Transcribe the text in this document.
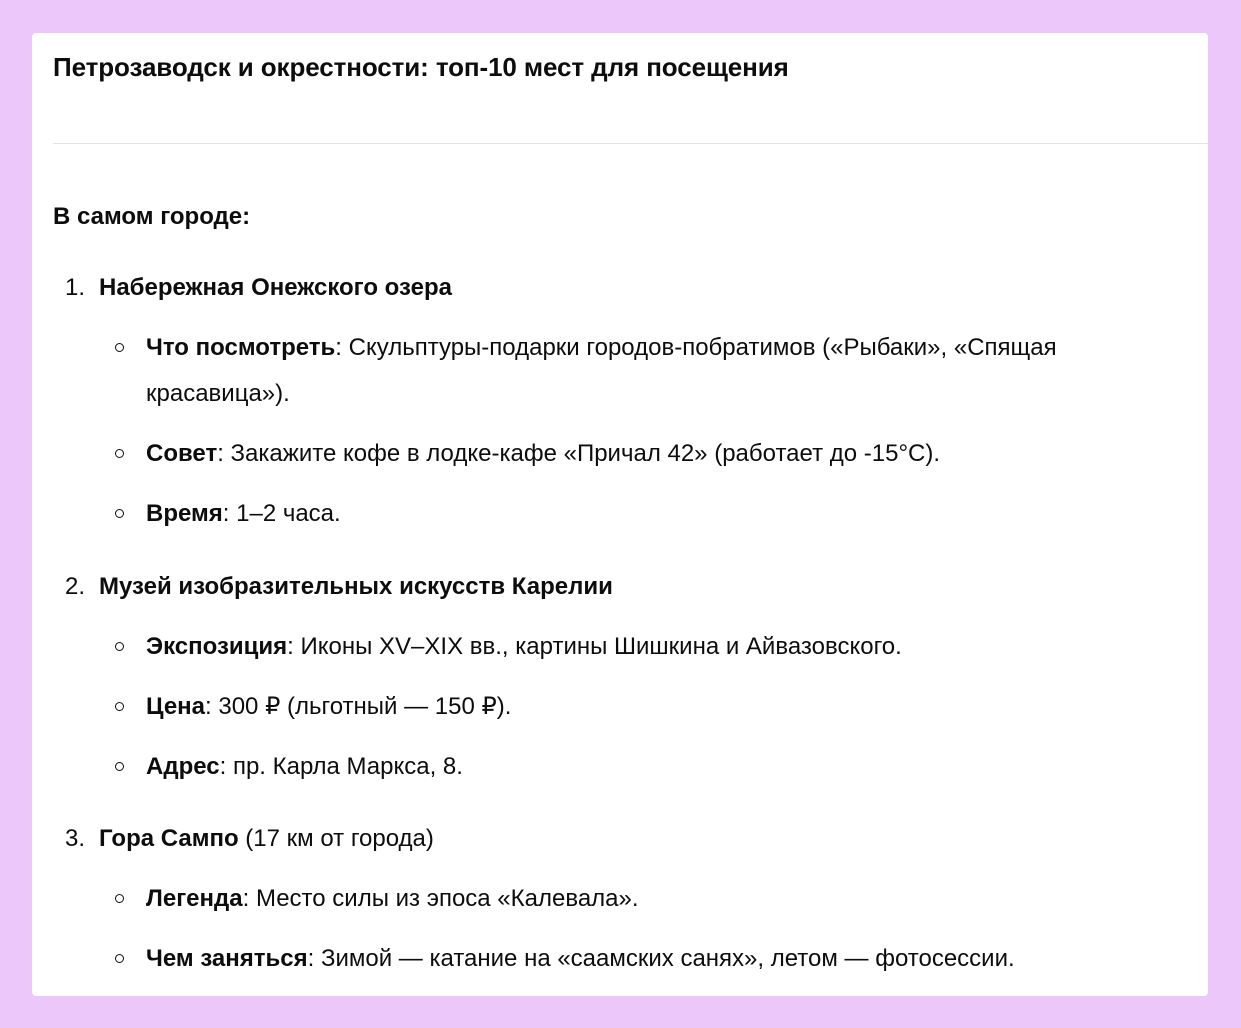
Петрозаводск и окрестности: топ-10 мест для посещения
В самом городе:
1. Набережная Онежского озера
Что посмотреть: Скульптуры-подарки городов-побратимов («Рыбаки», «Спящая красавица»).
Совет: Закажите кофе в лодке-кафе «Причал 42» (работает до -15°C).
Время: 1–2 часа.
2. Музей изобразительных искусств Карелии
Экспозиция: Иконы XV–XIX вв., картины Шишкина и Айвазовского.
Цена: 300 ₽ (льготный — 150 ₽).
Адрес: пр. Карла Маркса, 8.
3. Гора Сампо (17 км от города)
Легенда: Место силы из эпоса «Калевала».
Чем заняться: Зимой — катание на «саамских санях», летом — фотосессии.
